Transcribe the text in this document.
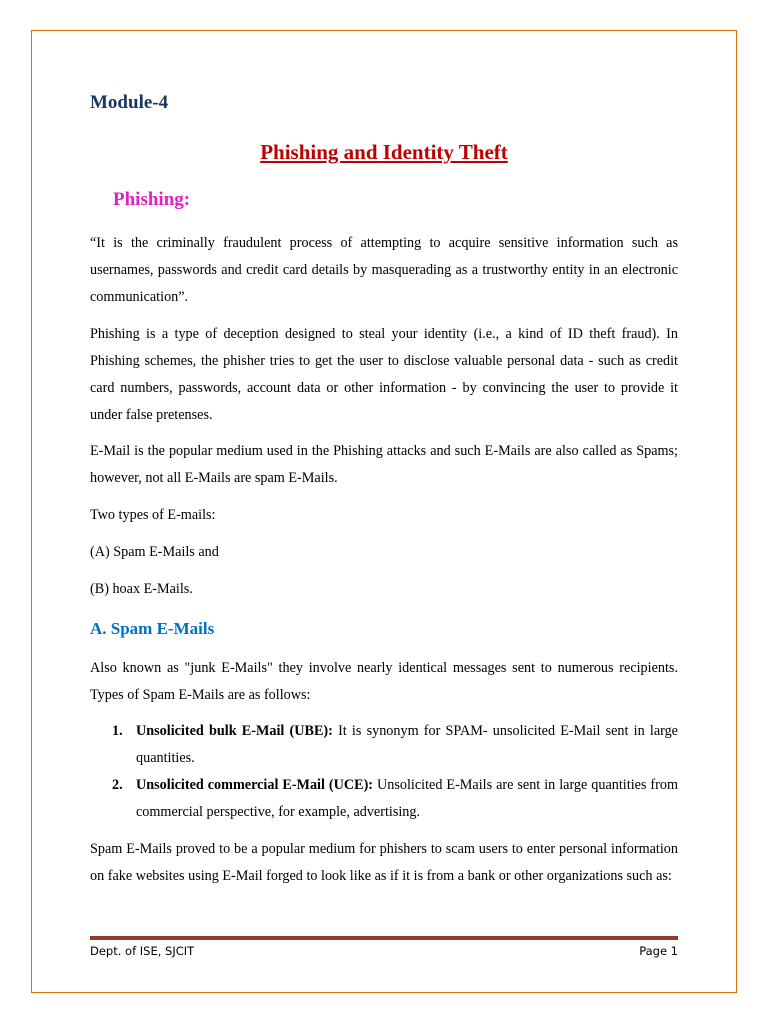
Module-4
Phishing and Identity Theft
Phishing:

“It is the criminally fraudulent process of attempting to acquire sensitive information such as usernames, passwords and credit card details by masquerading as a trustworthy entity in an electronic communication”.

Phishing is a type of deception designed to steal your identity (i.e., a kind of ID theft fraud). In Phishing schemes, the phisher tries to get the user to disclose valuable personal data - such as credit card numbers, passwords, account data or other information - by convincing the user to provide it under false pretenses.

E-Mail is the popular medium used in the Phishing attacks and such E-Mails are also called as Spams; however, not all E-Mails are spam E-Mails.

Two types of E-mails:

(A) Spam E-Mails and

(B) hoax E-Mails.

A. Spam E-Mails

Also known as "junk E-Mails" they involve nearly identical messages sent to numerous recipients. Types of Spam E-Mails are as follows:

1. Unsolicited bulk E-Mail (UBE): It is synonym for SPAM- unsolicited E-Mail sent in large quantities.
2. Unsolicited commercial E-Mail (UCE): Unsolicited E-Mails are sent in large quantities from commercial perspective, for example, advertising.

Spam E-Mails proved to be a popular medium for phishers to scam users to enter personal information on fake websites using E-Mail forged to look like as if it is from a bank or other organizations such as:

Dept. of ISE, SJCIT	Page 1
